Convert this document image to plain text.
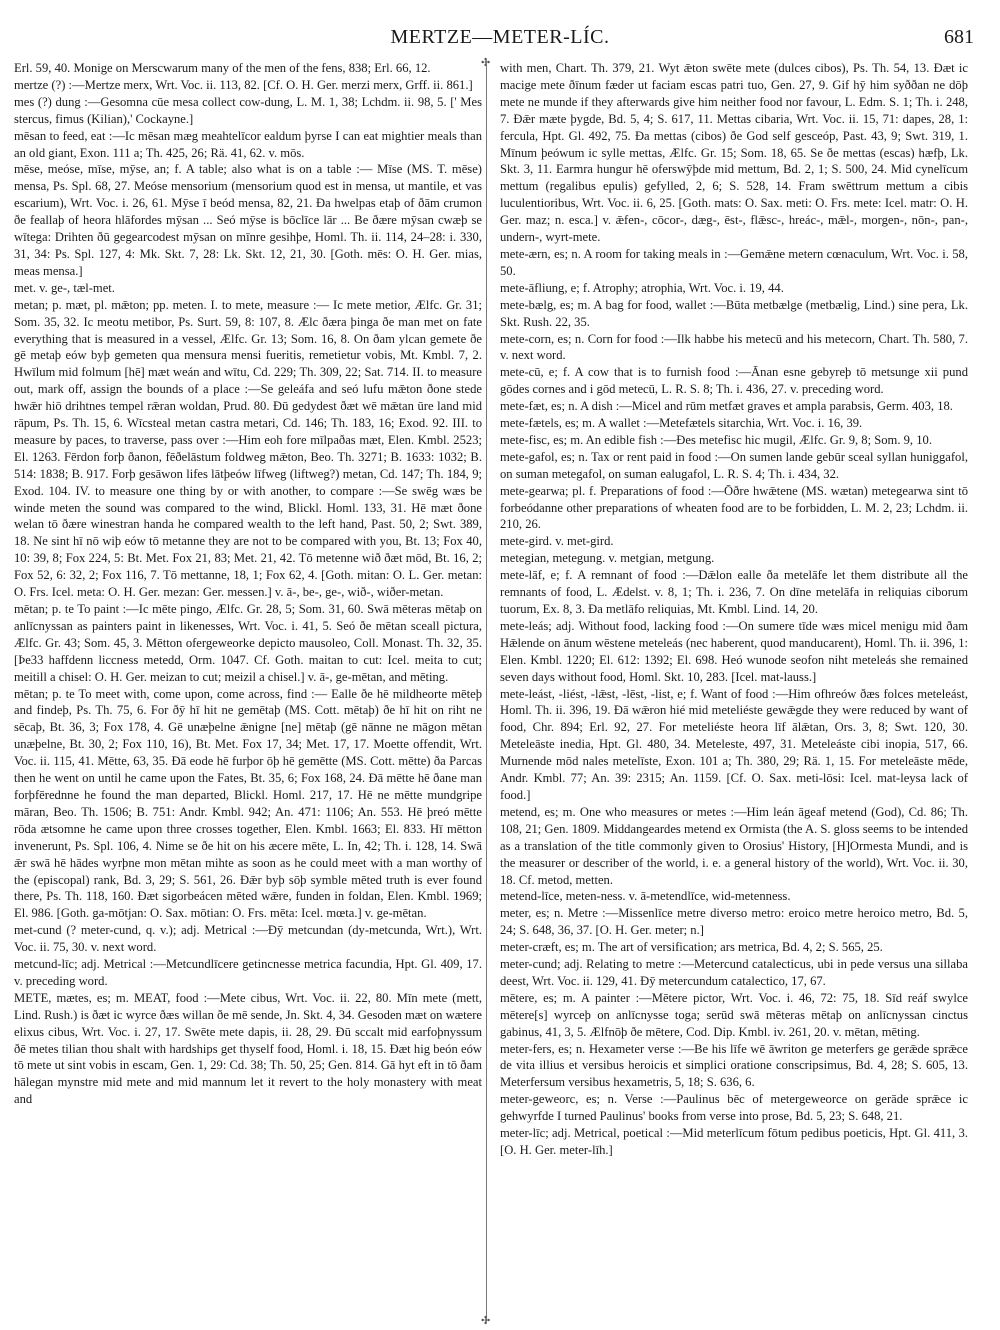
MERTZE—METER-LÍC.	681
✣
✣

Erl. 59, 40. Monige on Merscwarum many of the men of the fens, 838; Erl. 66, 12.

mertze (?) :—Mertze merx, Wrt. Voc. ii. 113, 82. [Cf. O. H. Ger. merzi merx, Grff. ii. 861.]

mes (?) dung :—Gesomna cūe mesa collect cow-dung, L. M. 1, 38; Lchdm. ii. 98, 5. [' Mes stercus, fimus (Kilian),' Cockayne.]

mēsan to feed, eat :—Ic mēsan mæg meahtelīcor ealdum þyrse I can eat mightier meals than an old giant, Exon. 111 a; Th. 425, 26; Rä. 41, 62. v. mōs.

mēse, meóse, mīse, mȳse, an; f. A table; also what is on a table :— Mīse (MS. T. mēse) mensa, Ps. Spl. 68, 27. Meóse mensorium (mensorium quod est in mensa, ut mantile, et vas escarium), Wrt. Voc. i. 26, 61. Mȳse ī beód mensa, 82, 21. Ða hwelpas etaþ of ðām crumon ðe feallaþ of heora hlāfordes mȳsan ... Seó mȳse is bōclīce lār ... Be ðære mȳsan cwæþ se wītega: Drihten ðū gegearcodest mȳsan on mīnre gesihþe, Homl. Th. ii. 114, 24–28: i. 330, 31, 34: Ps. Spl. 127, 4: Mk. Skt. 7, 28: Lk. Skt. 12, 21, 30. [Goth. mēs: O. H. Ger. mias, meas mensa.]

met. v. ge-, tæl-met.

metan; p. mæt, pl. mǣton; pp. meten. I. to mete, measure :— Ic mete metior, Ælfc. Gr. 31; Som. 35, 32. Ic meotu metibor, Ps. Surt. 59, 8: 107, 8. Ælc ðæra þinga ðe man met on fate everything that is measured in a vessel, Ælfc. Gr. 13; Som. 16, 8. On ðam ylcan gemete ðe gē metaþ eów byþ gemeten qua mensura mensi fueritis, remetietur vobis, Mt. Kmbl. 7, 2. Hwīlum mid folmum [hē] mæt weán and wītu, Cd. 229; Th. 309, 22; Sat. 714. II. to measure out, mark off, assign the bounds of a place :—Se geleáfa and seó lufu mǣton ðone stede hwǣr hiō drihtnes tempel rǣran woldan, Prud. 80. Ðū gedydest ðæt wē mǣtan ūre land mid rāpum, Ps. Th. 15, 6. Wīcsteal metan castra metari, Cd. 146; Th. 183, 16; Exod. 92. III. to measure by paces, to traverse, pass over :—Him eoh fore mīlpaðas mæt, Elen. Kmbl. 2523; El. 1263. Fērdon forþ ðanon, fēðelāstum foldweg mǣton, Beo. Th. 3271; B. 1633: 1032; B. 514: 1838; B. 917. Forþ gesāwon lifes lātþeów līfweg (liftweg?) metan, Cd. 147; Th. 184, 9; Exod. 104. IV. to measure one thing by or with another, to compare :—Se swēg wæs be winde meten the sound was compared to the wind, Blickl. Homl. 133, 31. Hē mæt ðone welan tō ðære winestran handa he compared wealth to the left hand, Past. 50, 2; Swt. 389, 18. Ne sint hī nō wiþ eów tō metanne they are not to be compared with you, Bt. 13; Fox 40, 10: 39, 8; Fox 224, 5: Bt. Met. Fox 21, 83; Met. 21, 42. Tō metenne wið ðæt mōd, Bt. 16, 2; Fox 52, 6: 32, 2; Fox 116, 7. Tō mettanne, 18, 1; Fox 62, 4. [Goth. mitan: O. L. Ger. metan: O. Frs. Icel. meta: O. H. Ger. mezan: Ger. messen.] v. ā-, be-, ge-, wið-, wiðer-metan.

mētan; p. te To paint :—Ic mēte pingo, Ælfc. Gr. 28, 5; Som. 31, 60. Swā mēteras mētaþ on anlīcnyssan as painters paint in likenesses, Wrt. Voc. i. 41, 5. Seó ðe mētan sceall pictura, Ælfc. Gr. 43; Som. 45, 3. Mētton ofergeweorke depicto mausoleo, Coll. Monast. Th. 32, 35. [Þe33 haffdenn liccness metedd, Orm. 1047. Cf. Goth. maitan to cut: Icel. meita to cut; meitill a chisel: O. H. Ger. meizan to cut; meizil a chisel.] v. ā-, ge-mētan, and mēting.

mētan; p. te To meet with, come upon, come across, find :— Ealle ðe hē mildheorte mēteþ and findeþ, Ps. Th. 75, 6. For ðȳ hī hit ne gemētaþ (MS. Cott. mētaþ) ðe hī hit on riht ne sēcaþ, Bt. 36, 3; Fox 178, 4. Gē unæþelne ǣnigne [ne] mētaþ (gē nānne ne māgon mētan unæþelne, Bt. 30, 2; Fox 110, 16), Bt. Met. Fox 17, 34; Met. 17, 17. Moette offendit, Wrt. Voc. ii. 115, 41. Mētte, 63, 35. Ðā eode hē furþor ōþ hē gemētte (MS. Cott. mētte) ða Parcas then he went on until he came upon the Fates, Bt. 35, 6; Fox 168, 24. Ðā mētte hē ðane man forþfērednne he found the man departed, Blickl. Homl. 217, 17. Hē ne mētte mundgripe māran, Beo. Th. 1506; B. 751: Andr. Kmbl. 942; An. 471: 1106; An. 553. Hē þreó mētte rōda ætsomne he came upon three crosses together, Elen. Kmbl. 1663; El. 833. Hī mētton invenerunt, Ps. Spl. 106, 4. Nime se ðe hit on his æcere mēte, L. In, 42; Th. i. 128, 14. Swā ǣr swā hē hādes wyrþne mon mētan mihte as soon as he could meet with a man worthy of the (episcopal) rank, Bd. 3, 29; S. 561, 26. Ðǣr byþ sōþ symble mēted truth is ever found there, Ps. Th. 118, 160. Ðæt sigorbeácen mēted wǣre, funden in foldan, Elen. Kmbl. 1969; El. 986. [Goth. ga-mōtjan: O. Sax. mōtian: O. Frs. mēta: Icel. mœta.] v. ge-mētan.

met-cund (? meter-cund, q. v.); adj. Metrical :—Ðȳ metcundan (dy-metcunda, Wrt.), Wrt. Voc. ii. 75, 30. v. next word.

metcund-līc; adj. Metrical :—Metcundlīcere getincnesse metrica facundia, Hpt. Gl. 409, 17. v. preceding word.

METE, mætes, es; m. MEAT, food :—Mete cibus, Wrt. Voc. ii. 22, 80. Mīn mete (mett, Lind. Rush.) is ðæt ic wyrce ðæs willan ðe mē sende, Jn. Skt. 4, 34. Gesoden mæt on wætere elixus cibus, Wrt. Voc. i. 27, 17. Swēte mete dapis, ii. 28, 29. Ðū sccalt mid earfoþnyssum ðē metes tilian thou shalt with hardships get thyself food, Homl. i. 18, 15. Ðæt hig beón eów tō mete ut sint vobis in escam, Gen. 1, 29: Cd. 38; Th. 50, 25; Gen. 814. Gā hyt eft in tō ðam hālegan mynstre mid mete and mid mannum let it revert to the holy monastery with meat and

with men, Chart. Th. 379, 21. Wyt ǣton swēte mete (dulces cibos), Ps. Th. 54, 13. Ðæt ic macige mete ðīnum fæder ut faciam escas patri tuo, Gen. 27, 9. Gif hȳ him syððan ne dōþ mete ne munde if they afterwards give him neither food nor favour, L. Edm. S. 1; Th. i. 248, 7. Ðǣr mæte þygde, Bd. 5, 4; S. 617, 11. Mettas cibaria, Wrt. Voc. ii. 15, 71: dapes, 28, 1: fercula, Hpt. Gl. 492, 75. Ða mettas (cibos) ðe God self gesceóp, Past. 43, 9; Swt. 319, 1. Mīnum þeówum ic sylle mettas, Ælfc. Gr. 15; Som. 18, 65. Se ðe mettas (escas) hæfþ, Lk. Skt. 3, 11. Earmra hungur hē oferswȳþde mid mettum, Bd. 2, 1; S. 500, 24. Mid cynelīcum mettum (regalibus epulis) gefylled, 2, 6; S. 528, 14. Fram swēttrum mettum a cibis luculentioribus, Wrt. Voc. ii. 6, 25. [Goth. mats: O. Sax. meti: O. Frs. mete: Icel. matr: O. H. Ger. maz; n. esca.] v. ǣfen-, cōcor-, dæg-, ēst-, flǣsc-, hreác-, mǣl-, morgen-, nōn-, pan-, undern-, wyrt-mete.

mete-ærn, es; n. A room for taking meals in :—Gemǣne metern cœnaculum, Wrt. Voc. i. 58, 50.

mete-āfliung, e; f. Atrophy; atrophia, Wrt. Voc. i. 19, 44.

mete-bælg, es; m. A bag for food, wallet :—Būta metbælge (metbælig, Lind.) sine pera, Lk. Skt. Rush. 22, 35.

mete-corn, es; n. Corn for food :—Ilk habbe his metecū and his metecorn, Chart. Th. 580, 7. v. next word.

mete-cū, e; f. A cow that is to furnish food :—Ānan esne gebyreþ tō metsunge xii pund gōdes cornes and i gōd metecū, L. R. S. 8; Th. i. 436, 27. v. preceding word.

mete-fæt, es; n. A dish :—Micel and rūm metfæt graves et ampla parabsis, Germ. 403, 18.

mete-fætels, es; m. A wallet :—Metefætels sitarchia, Wrt. Voc. i. 16, 39.

mete-fisc, es; m. An edible fish :—Ðes metefisc hic mugil, Ælfc. Gr. 9, 8; Som. 9, 10.

mete-gafol, es; n. Tax or rent paid in food :—On sumen lande gebūr sceal syllan huniggafol, on suman metegafol, on suman ealugafol, L. R. S. 4; Th. i. 434, 32.

mete-gearwa; pl. f. Preparations of food :—Ōðre hwǣtene (MS. wætan) metegearwa sint tō forbeódanne other preparations of wheaten food are to be forbidden, L. M. 2, 23; Lchdm. ii. 210, 26.

mete-gird. v. met-gird.

metegian, metegung. v. metgian, metgung.

mete-lāf, e; f. A remnant of food :—Dǣlon ealle ða metelāfe let them distribute all the remnants of food, L. Ædelst. v. 8, 1; Th. i. 236, 7. On dīne metelāfa in reliquias ciborum tuorum, Ex. 8, 3. Ða metlāfo reliquias, Mt. Kmbl. Lind. 14, 20.

mete-leás; adj. Without food, lacking food :—On sumere tīde wæs micel menigu mid ðam Hǣlende on ānum wēstene meteleás (nec haberent, quod manducarent), Homl. Th. ii. 396, 1: Elen. Kmbl. 1220; El. 612: 1392; El. 698. Heó wunode seofon niht meteleás she remained seven days without food, Homl. Skt. 10, 283. [Icel. mat-lauss.]

mete-leást, -liést, -lǣst, -lēst, -list, e; f. Want of food :—Him ofhreów ðæs folces meteleást, Homl. Th. ii. 396, 19. Ðā wǣron hié mid meteliéste gewǣgde they were reduced by want of food, Chr. 894; Erl. 92, 27. For meteliéste heora līf ālǣtan, Ors. 3, 8; Swt. 120, 30. Meteleāste inedia, Hpt. Gl. 480, 34. Meteleste, 497, 31. Meteleáste cibi inopia, 517, 66. Murnende mōd nales metelīste, Exon. 101 a; Th. 380, 29; Rä. 1, 15. For meteleāste mēde, Andr. Kmbl. 77; An. 39: 2315; An. 1159. [Cf. O. Sax. meti-lōsi: Icel. mat-leysa lack of food.]

metend, es; m. One who measures or metes :—Him leán āgeaf metend (God), Cd. 86; Th. 108, 21; Gen. 1809. Middangeardes metend ex Ormista (the A. S. gloss seems to be intended as a translation of the title commonly given to Orosius' History, [H]Ormesta Mundi, and is the measurer or describer of the world, i. e. a general history of the world), Wrt. Voc. ii. 30, 18. Cf. metod, metten.

metend-līce, meten-ness. v. ā-metendlīce, wid-metenness.

meter, es; n. Metre :—Missenlīce metre diverso metro: eroico metre heroico metro, Bd. 5, 24; S. 648, 36, 37. [O. H. Ger. meter; n.]

meter-cræft, es; m. The art of versification; ars metrica, Bd. 4, 2; S. 565, 25.

meter-cund; adj. Relating to metre :—Metercund catalecticus, ubi in pede versus una sillaba deest, Wrt. Voc. ii. 129, 41. Ðȳ metercundum catalectico, 17, 67.

mētere, es; m. A painter :—Mētere pictor, Wrt. Voc. i. 46, 72: 75, 18. Sīd reáf swylce mētere[s] wyrceþ on anlīcnysse toga; serūd swā mēteras mētaþ on anlīcnyssan cinctus gabinus, 41, 3, 5. Ælfnōþ ðe mētere, Cod. Dip. Kmbl. iv. 261, 20. v. mētan, mēting.

meter-fers, es; n. Hexameter verse :—Be his līfe wē āwriton ge meterfers ge gerǣde sprǣce de vita illius et versibus heroicis et simplici oratione conscripsimus, Bd. 4, 28; S. 605, 13. Meterfersum versibus hexametris, 5, 18; S. 636, 6.

meter-geweorc, es; n. Verse :—Paulinus bēc of metergeweorce on gerāde sprǣce ic gehwyrfde I turned Paulinus' books from verse into prose, Bd. 5, 23; S. 648, 21.

meter-līc; adj. Metrical, poetical :—Mid meterlīcum fōtum pedibus poeticis, Hpt. Gl. 411, 3. [O. H. Ger. meter-līh.]
